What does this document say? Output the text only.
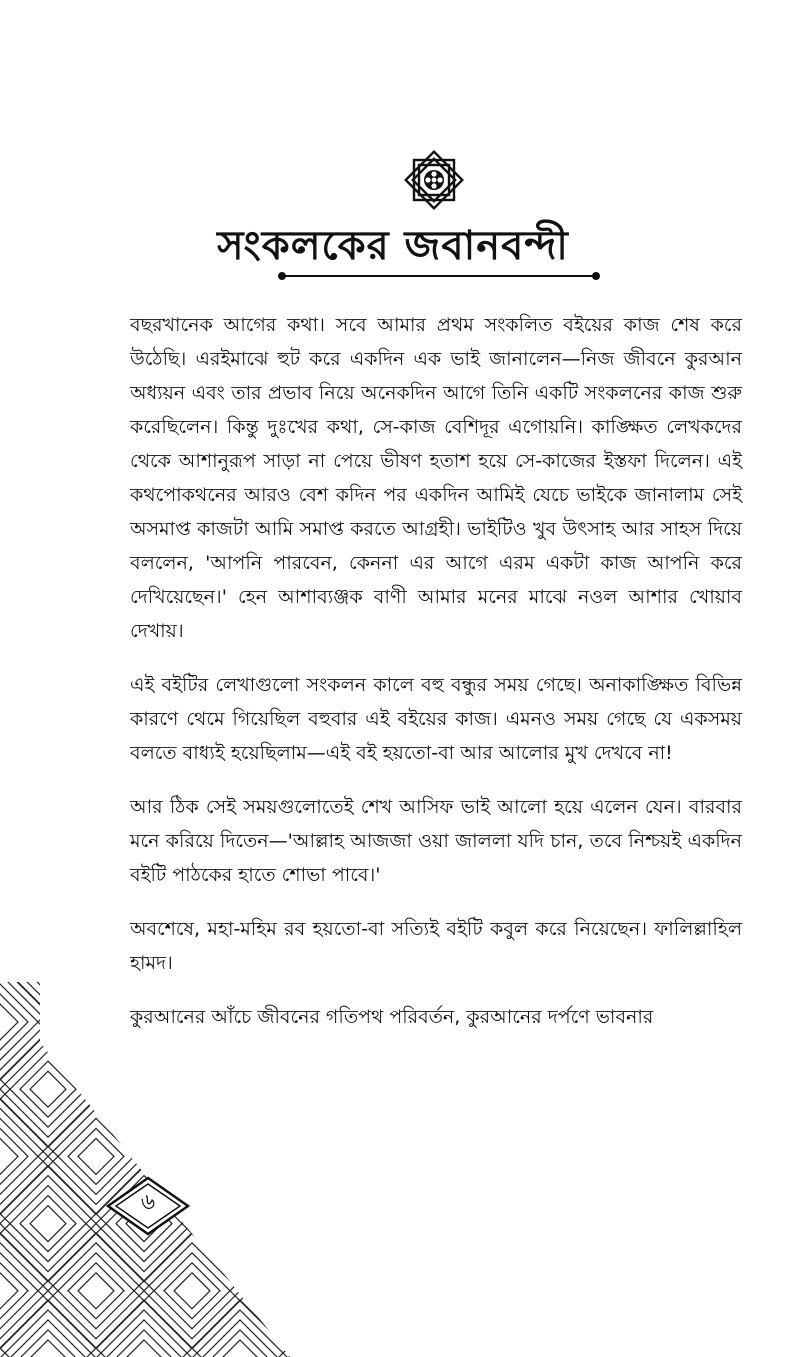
সংকলকের জবানবন্দী

বছরখানেক আগের কথা। সবে আমার প্রথম সংকলিত বইয়ের কাজ শেষ করে উঠেছি। এরইমাঝে হুট করে একদিন এক ভাই জানালেন—নিজ জীবনে কুরআন অধ্যয়ন এবং তার প্রভাব নিয়ে অনেকদিন আগে তিনি একটি সংকলনের কাজ শুরু করেছিলেন। কিন্তু দুঃখের কথা, সে-কাজ বেশিদূর এগোয়নি। কাঙ্ক্ষিত লেখকদের থেকে আশানুরূপ সাড়া না পেয়ে ভীষণ হতাশ হয়ে সে-কাজের ইস্তফা দিলেন। এই কথপোকথনের আরও বেশ কদিন পর একদিন আমিই যেচে ভাইকে জানালাম সেই অসমাপ্ত কাজটা আমি সমাপ্ত করতে আগ্রহী। ভাইটিও খুব উৎসাহ আর সাহস দিয়ে বললেন, 'আপনি পারবেন, কেননা এর আগে এরম একটা কাজ আপনি করে দেখিয়েছেন।' হেন আশাব্যঞ্জক বাণী আমার মনের মাঝে নওল আশার খোয়াব দেখায়।

এই বইটির লেখাগুলো সংকলন কালে বহু বন্ধুর সময় গেছে। অনাকাঙ্ক্ষিত বিভিন্ন কারণে থেমে গিয়েছিল বহুবার এই বইয়ের কাজ। এমনও সময় গেছে যে একসময় বলতে বাধ্যই হয়েছিলাম—এই বই হয়তো-বা আর আলোর মুখ দেখবে না!

আর ঠিক সেই সময়গুলোতেই শেখ আসিফ ভাই আলো হয়ে এলেন যেন। বারবার মনে করিয়ে দিতেন—'আল্লাহ আজজা ওয়া জাললা যদি চান, তবে নিশ্চয়ই একদিন বইটি পাঠকের হাতে শোভা পাবে।'

অবশেষে, মহা-মহিম রব হয়তো-বা সত্যিই বইটি কবুল করে নিয়েছেন। ফালিল্লাহিল হামদ।

কুরআনের আঁচে জীবনের গতিপথ পরিবর্তন, কুরআনের দর্পণে ভাবনার

৬
